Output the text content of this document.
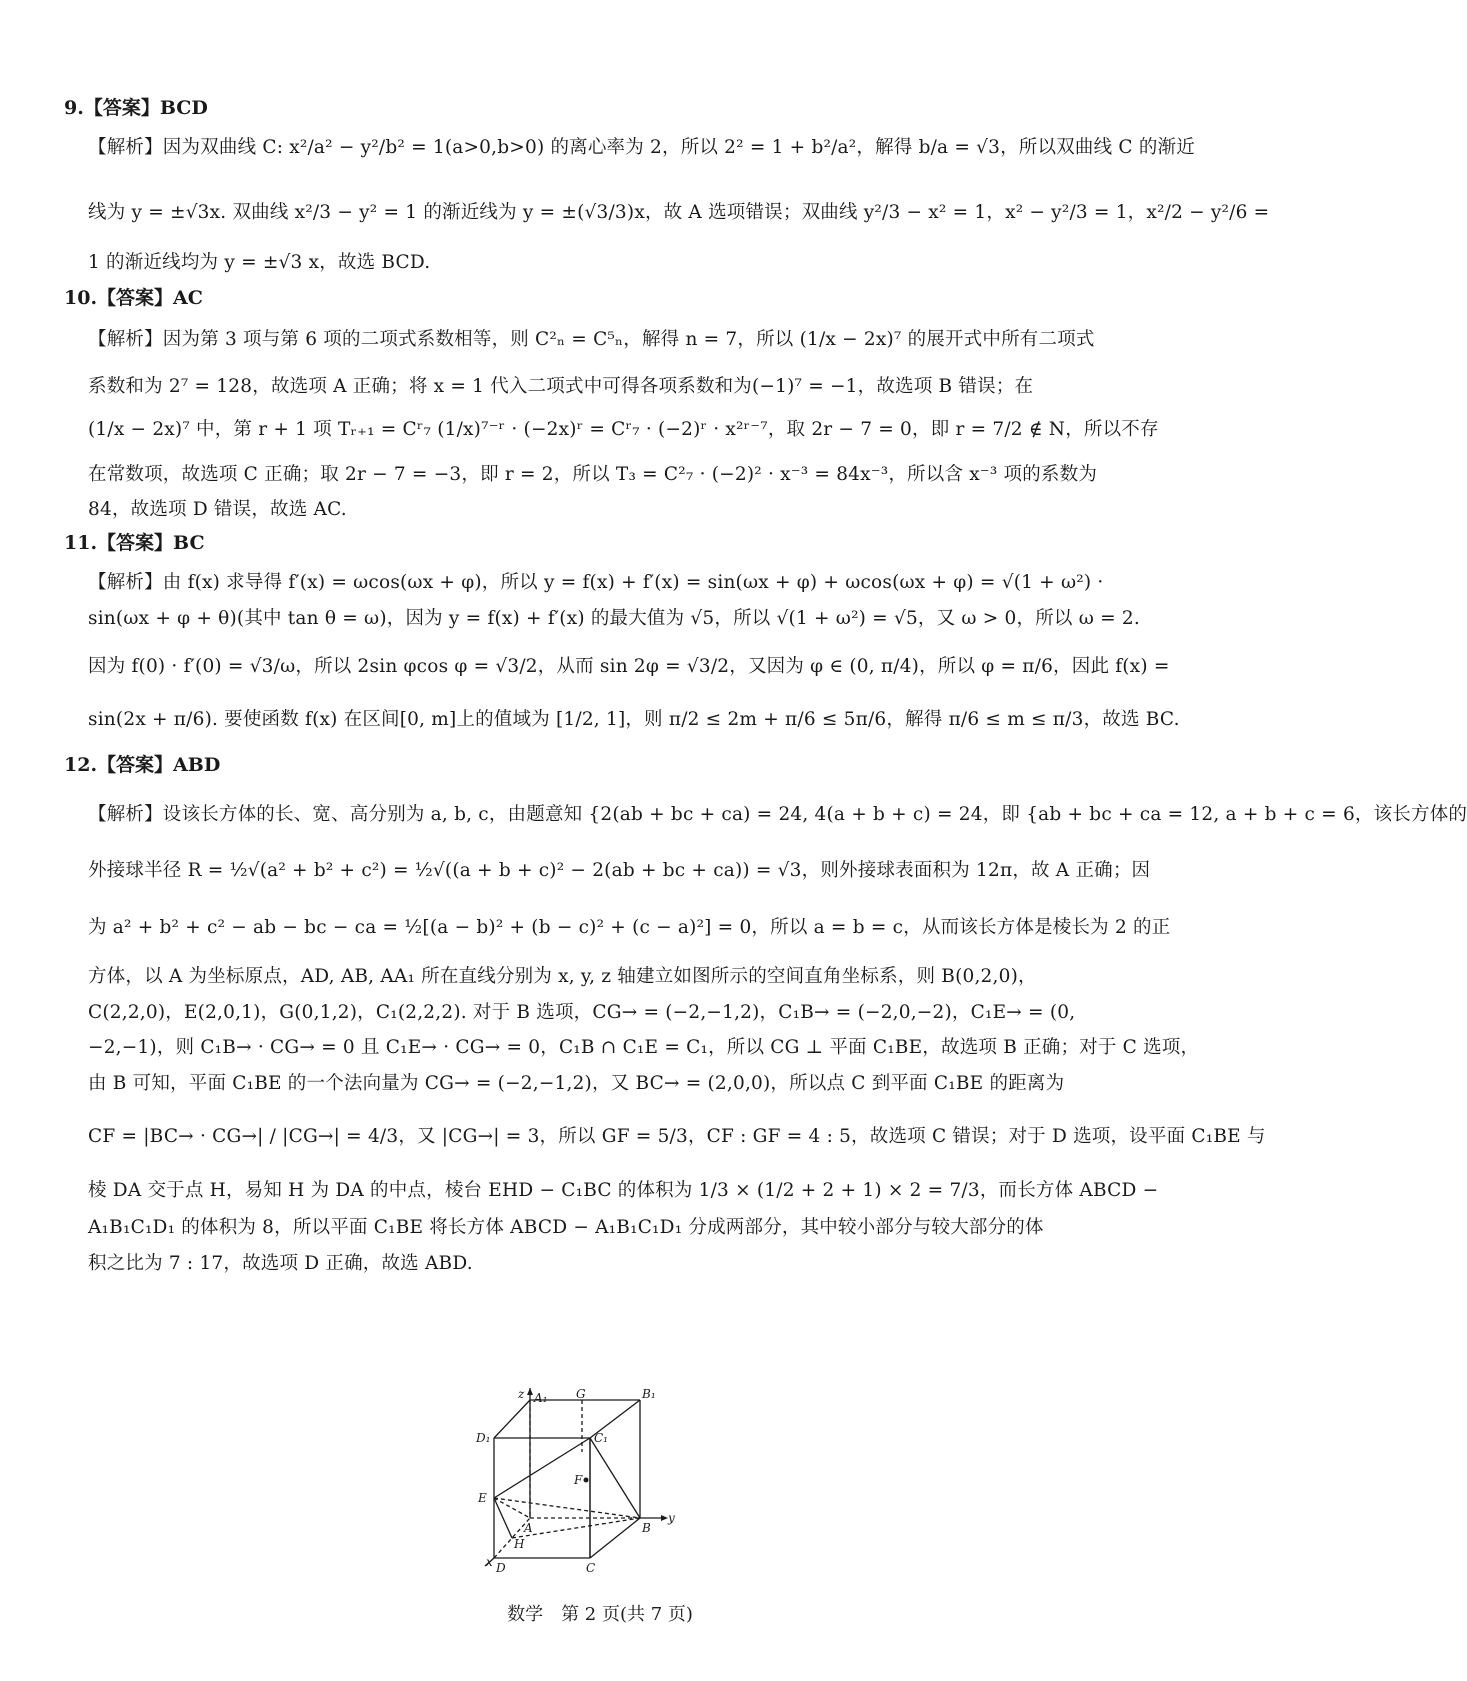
9.【答案】BCD
【解析】因为双曲线 C: x²/a² − y²/b² = 1(a>0,b>0) 的离心率为 2，所以 2² = 1 + b²/a²，解得 b/a = √3，所以双曲线 C 的渐近
线为 y = ±√3x. 双曲线 x²/3 − y² = 1 的渐近线为 y = ±(√3/3)x，故 A 选项错误；双曲线 y²/3 − x² = 1，x² − y²/3 = 1，x²/2 − y²/6 =
1 的渐近线均为 y = ±√3 x，故选 BCD.
10.【答案】AC
【解析】因为第 3 项与第 6 项的二项式系数相等，则 C²ₙ = C⁵ₙ，解得 n = 7，所以 (1/x − 2x)⁷ 的展开式中所有二项式
系数和为 2⁷ = 128，故选项 A 正确；将 x = 1 代入二项式中可得各项系数和为(−1)⁷ = −1，故选项 B 错误；在
(1/x − 2x)⁷ 中，第 r + 1 项 Tᵣ₊₁ = Cʳ₇ (1/x)⁷⁻ʳ · (−2x)ʳ = Cʳ₇ · (−2)ʳ · x²ʳ⁻⁷，取 2r − 7 = 0，即 r = 7/2 ∉ N，所以不存
在常数项，故选项 C 正确；取 2r − 7 = −3，即 r = 2，所以 T₃ = C²₇ · (−2)² · x⁻³ = 84x⁻³，所以含 x⁻³ 项的系数为
84，故选项 D 错误，故选 AC.
11.【答案】BC
【解析】由 f(x) 求导得 f′(x) = ωcos(ωx + φ)，所以 y = f(x) + f′(x) = sin(ωx + φ) + ωcos(ωx + φ) = √(1 + ω²) ·
sin(ωx + φ + θ)(其中 tan θ = ω)，因为 y = f(x) + f′(x) 的最大值为 √5，所以 √(1 + ω²) = √5，又 ω > 0，所以 ω = 2.
因为 f(0) · f′(0) = √3/ω，所以 2sin φcos φ = √3/2，从而 sin 2φ = √3/2，又因为 φ ∈ (0, π/4)，所以 φ = π/6，因此 f(x) =
sin(2x + π/6). 要使函数 f(x) 在区间[0, m]上的值域为 [1/2, 1]，则 π/2 ≤ 2m + π/6 ≤ 5π/6，解得 π/6 ≤ m ≤ π/3，故选 BC.
12.【答案】ABD
【解析】设该长方体的长、宽、高分别为 a, b, c，由题意知 {2(ab + bc + ca) = 24, 4(a + b + c) = 24，即 {ab + bc + ca = 12, a + b + c = 6，该长方体的
外接球半径 R = ½√(a² + b² + c²) = ½√((a + b + c)² − 2(ab + bc + ca)) = √3，则外接球表面积为 12π，故 A 正确；因
为 a² + b² + c² − ab − bc − ca = ½[(a − b)² + (b − c)² + (c − a)²] = 0，所以 a = b = c，从而该长方体是棱长为 2 的正
方体，以 A 为坐标原点，AD, AB, AA₁ 所在直线分别为 x, y, z 轴建立如图所示的空间直角坐标系，则 B(0,2,0)，
C(2,2,0)，E(2,0,1)，G(0,1,2)，C₁(2,2,2). 对于 B 选项，CG→ = (−2,−1,2)，C₁B→ = (−2,0,−2)，C₁E→ = (0,
−2,−1)，则 C₁B→ · CG→ = 0 且 C₁E→ · CG→ = 0，C₁B ∩ C₁E = C₁，所以 CG ⊥ 平面 C₁BE，故选项 B 正确；对于 C 选项，
由 B 可知，平面 C₁BE 的一个法向量为 CG→ = (−2,−1,2)，又 BC→ = (2,0,0)，所以点 C 到平面 C₁BE 的距离为
CF = |BC→ · CG→| / |CG→| = 4/3，又 |CG→| = 3，所以 GF = 5/3，CF : GF = 4 : 5，故选项 C 错误；对于 D 选项，设平面 C₁BE 与
棱 DA 交于点 H，易知 H 为 DA 的中点，棱台 EHD − C₁BC 的体积为 1/3 × (1/2 + 2 + 1) × 2 = 7/3，而长方体 ABCD −
A₁B₁C₁D₁ 的体积为 8，所以平面 C₁BE 将长方体 ABCD − A₁B₁C₁D₁ 分成两部分，其中较小部分与较大部分的体
积之比为 7 : 17，故选项 D 正确，故选 ABD.
z A₁ G	B₁
D₁	C₁
F
E
A	B
y
H
x D	C
数学　第 2 页(共 7 页)
